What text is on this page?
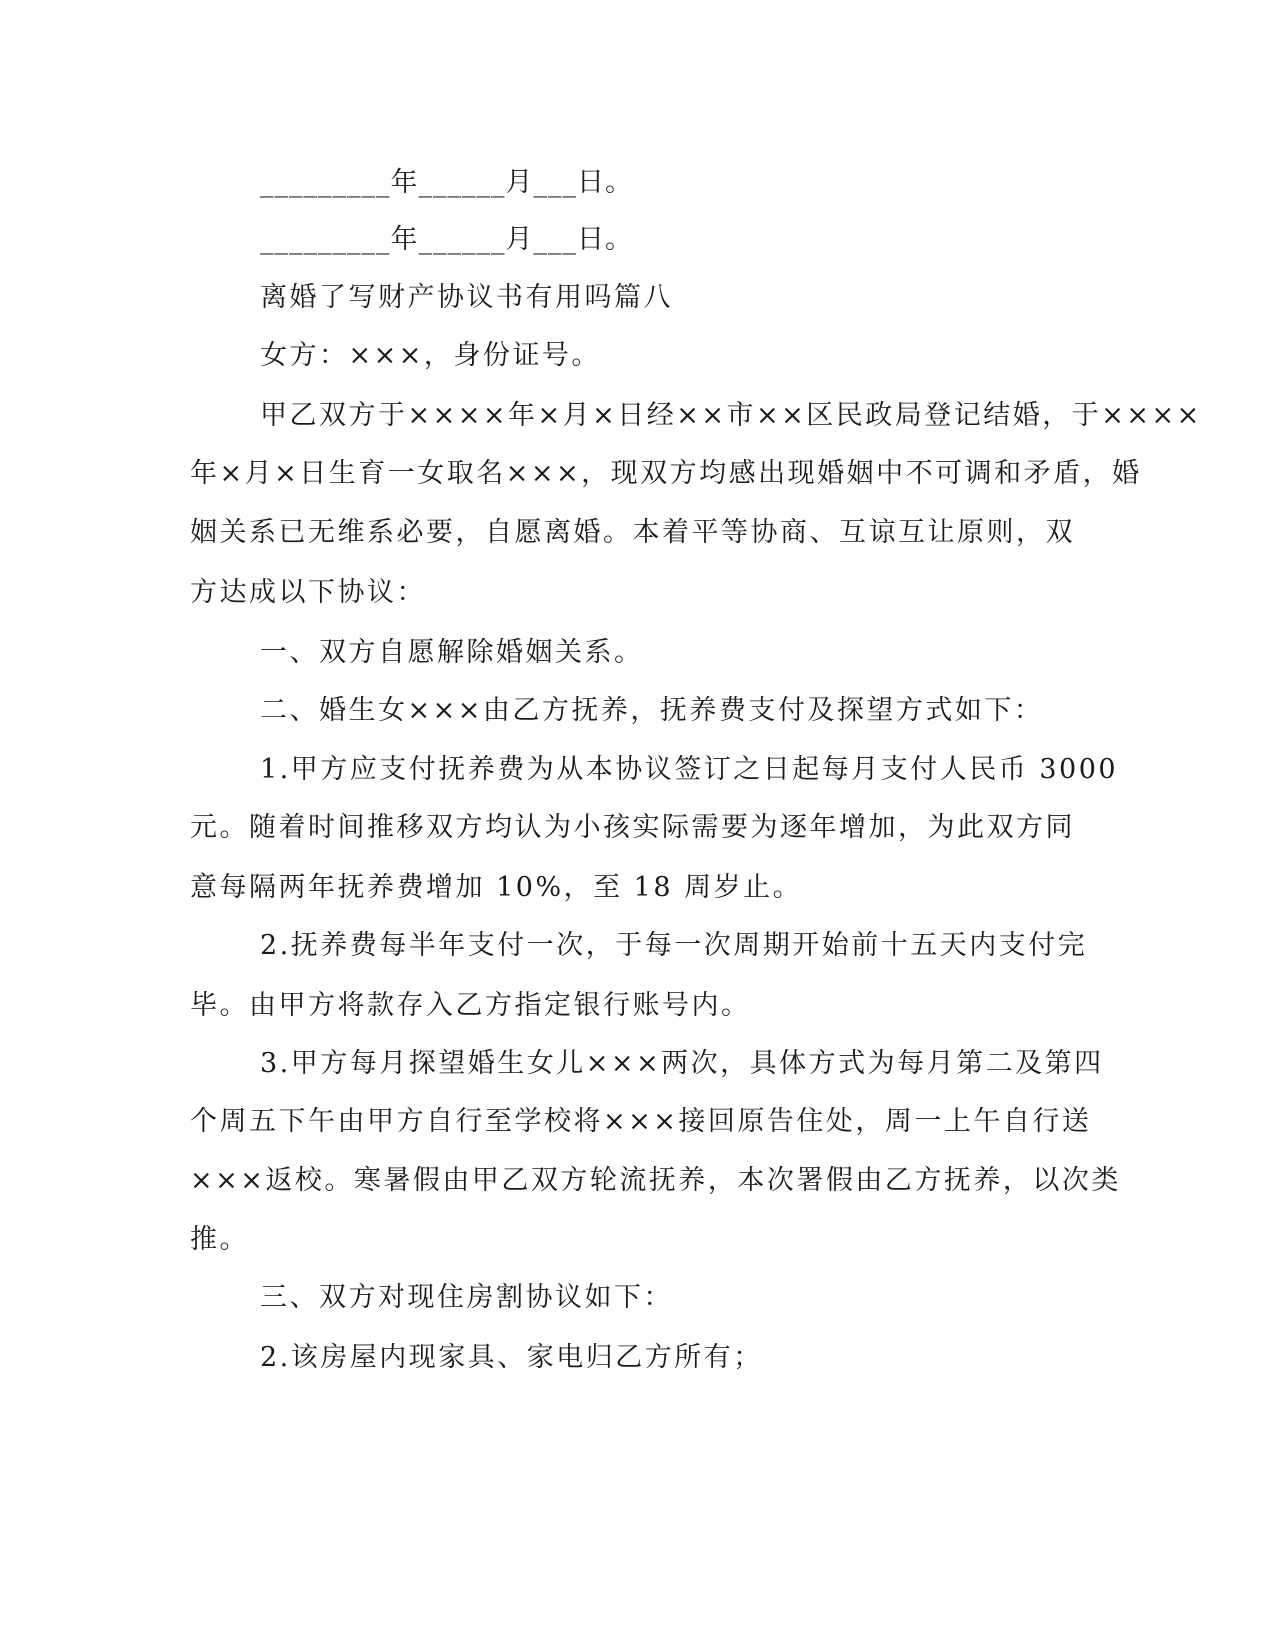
_________年______月___日。
_________年______月___日。
离婚了写财产协议书有用吗篇八
女方：×××，身份证号。
甲乙双方于××××年×月×日经××市××区民政局登记结婚，于××××
年×月×日生育一女取名×××，现双方均感出现婚姻中不可调和矛盾，婚
姻关系已无维系必要，自愿离婚。本着平等协商、互谅互让原则，双
方达成以下协议：
一、双方自愿解除婚姻关系。
二、婚生女×××由乙方抚养，抚养费支付及探望方式如下：
1.甲方应支付抚养费为从本协议签订之日起每月支付人民币 3000
元。随着时间推移双方均认为小孩实际需要为逐年增加，为此双方同
意每隔两年抚养费增加 10%，至 18 周岁止。
2.抚养费每半年支付一次，于每一次周期开始前十五天内支付完
毕。由甲方将款存入乙方指定银行账号内。
3.甲方每月探望婚生女儿×××两次，具体方式为每月第二及第四
个周五下午由甲方自行至学校将×××接回原告住处，周一上午自行送
×××返校。寒暑假由甲乙双方轮流抚养，本次署假由乙方抚养，以次类
推。
三、双方对现住房割协议如下：
2.该房屋内现家具、家电归乙方所有；
